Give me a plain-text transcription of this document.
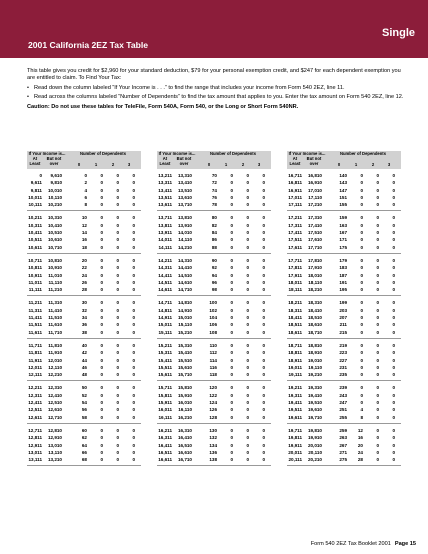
2001 California 2EZ Tax Table
Single

This table gives you credit for $2,960 for your standard deduction, $79 for your personal exemption credit, and $247 for each dependent exemption you are entitled to claim. To Find Your Tax:

• Read down the column labeled “If Your Income is . . .” to find the range that includes your income from Form 540 2EZ, line 11.
• Read across the columns labeled “Number of Dependents” to find the tax amount that applies to you. Enter the tax amount on Form 540 2EZ, line 12.

Caution: Do not use these tables for TeleFile, Form 540A, Form 540, or the Long or Short Form 540NR.

If Your Income is...	Number of Dependents
At Least
But not over	0	1	2	3
0	9,610	0	0	0	0
9,611	9,810	2	0	0	0
9,811	10,010	4	0	0	0
10,011	10,110	6	0	0	0
10,111	10,210	8	0	0	0
10,211	10,310	10	0	0	0
10,311	10,410	12	0	0	0
10,411	10,510	14	0	0	0
10,511	10,610	16	0	0	0
10,611	10,710	18	0	0	0
10,711	10,810	20	0	0	0
10,811	10,910	22	0	0	0
10,911	11,010	24	0	0	0
11,011	11,110	26	0	0	0
11,111	11,210	28	0	0	0
11,211	11,310	30	0	0	0
11,311	11,410	32	0	0	0
11,411	11,510	34	0	0	0
11,511	11,610	36	0	0	0
11,611	11,710	38	0	0	0
11,711	11,810	40	0	0	0
11,811	11,910	42	0	0	0
11,911	12,010	44	0	0	0
12,011	12,110	46	0	0	0
12,111	12,210	48	0	0	0
12,211	12,310	50	0	0	0
12,311	12,410	52	0	0	0
12,411	12,510	54	0	0	0
12,511	12,610	56	0	0	0
12,611	12,710	58	0	0	0
12,711	12,810	60	0	0	0
12,811	12,910	62	0	0	0
12,911	13,010	64	0	0	0
13,011	13,110	66	0	0	0
13,111	13,210	68	0	0	0
If Your Income is...	Number of Dependents
At Least
But not over	0	1	2	3
13,211	13,310	70	0	0	0
13,311	13,410	72	0	0	0
13,411	13,510	74	0	0	0
13,511	13,610	76	0	0	0
13,611	13,710	78	0	0	0
13,711	13,810	80	0	0	0
13,811	13,910	82	0	0	0
13,911	14,010	84	0	0	0
14,011	14,110	86	0	0	0
14,111	14,210	88	0	0	0
14,211	14,310	90	0	0	0
14,311	14,410	92	0	0	0
14,411	14,510	94	0	0	0
14,511	14,610	96	0	0	0
14,611	14,710	98	0	0	0
14,711	14,810	100	0	0	0
14,811	14,910	102	0	0	0
14,911	15,010	104	0	0	0
15,011	15,110	106	0	0	0
15,111	15,210	108	0	0	0
15,211	15,310	110	0	0	0
15,311	15,410	112	0	0	0
15,411	15,510	114	0	0	0
15,511	15,610	116	0	0	0
15,611	15,710	118	0	0	0
15,711	15,810	120	0	0	0
15,811	15,910	122	0	0	0
15,911	16,010	124	0	0	0
16,011	16,110	126	0	0	0
16,111	16,210	128	0	0	0
16,211	16,310	130	0	0	0
16,311	16,410	132	0	0	0
16,411	16,510	134	0	0	0
16,511	16,610	136	0	0	0
16,611	16,710	138	0	0	0
If Your Income is...	Number of Dependents
At Least
But not over	0	1	2	3
16,711	16,810	140	0	0	0
16,811	16,910	143	0	0	0
16,911	17,010	147	0	0	0
17,011	17,110	151	0	0	0
17,111	17,210	155	0	0	0
17,211	17,310	159	0	0	0
17,311	17,410	163	0	0	0
17,411	17,510	167	0	0	0
17,511	17,610	171	0	0	0
17,611	17,710	175	0	0	0
17,711	17,810	179	0	0	0
17,811	17,910	183	0	0	0
17,911	18,010	187	0	0	0
18,011	18,110	191	0	0	0
18,111	18,210	195	0	0	0
18,211	18,310	199	0	0	0
18,311	18,410	203	0	0	0
18,411	18,510	207	0	0	0
18,511	18,610	211	0	0	0
18,611	18,710	215	0	0	0
18,711	18,810	219	0	0	0
18,811	18,910	223	0	0	0
18,911	19,010	227	0	0	0
19,011	19,110	231	0	0	0
19,111	19,210	235	0	0	0
19,211	19,310	239	0	0	0
19,311	19,410	243	0	0	0
19,411	19,510	247	0	0	0
19,511	19,610	251	4	0	0
19,611	19,710	255	8	0	0
19,711	19,810	259	12	0	0
19,811	19,910	263	16	0	0
19,911	20,010	267	20	0	0
20,011	20,110	271	24	0	0
20,111	20,210	275	28	0	0
Form 540 2EZ Tax Booklet 2001 Page 15
